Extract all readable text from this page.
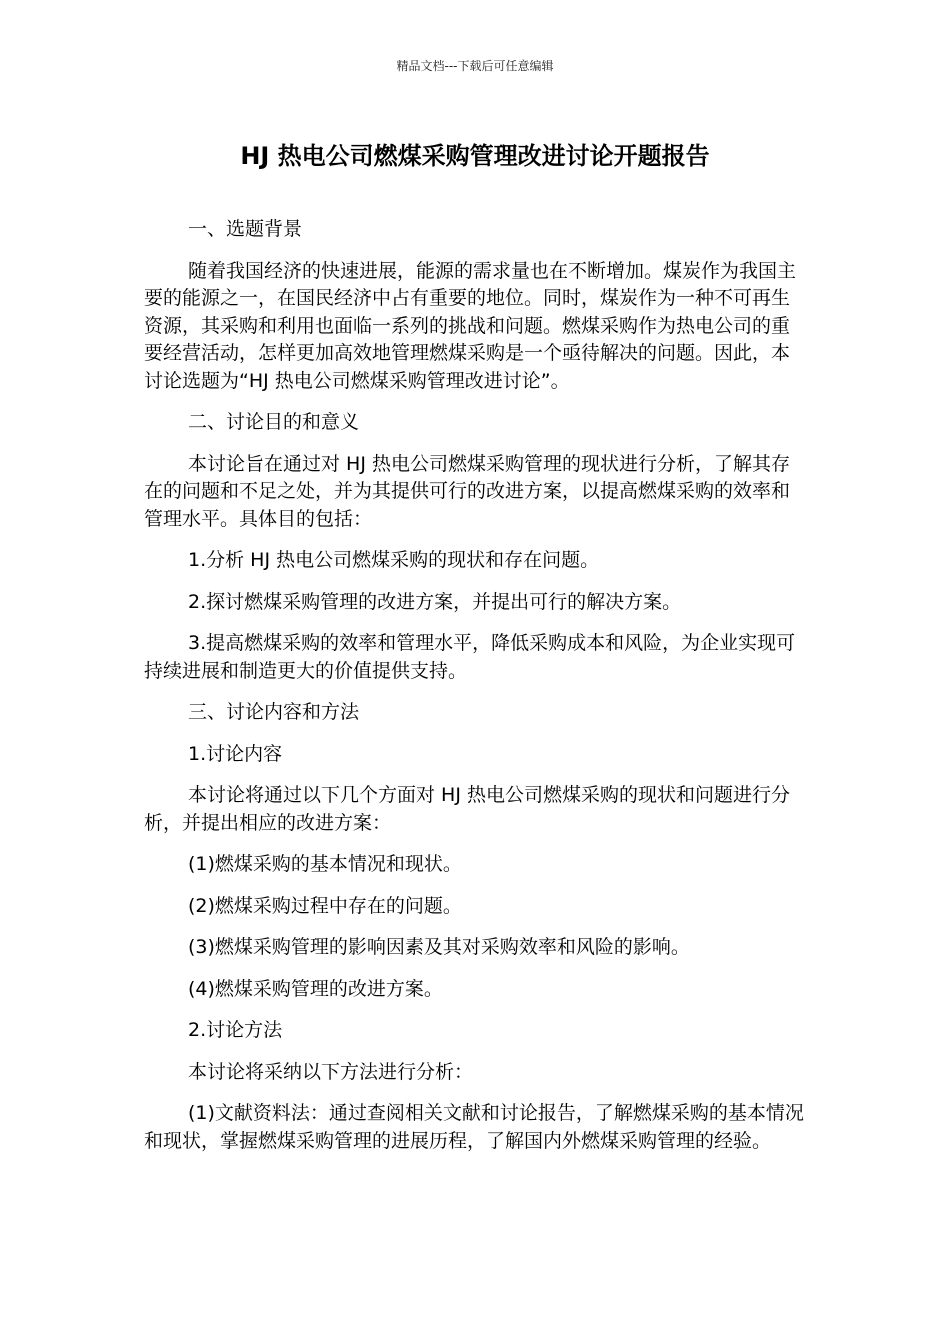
精品文档---下载后可任意编辑
HJ 热电公司燃煤采购管理改进讨论开题报告

一、选题背景

随着我国经济的快速进展，能源的需求量也在不断增加。煤炭作为我国主要的能源之一，在国民经济中占有重要的地位。同时，煤炭作为一种不可再生资源，其采购和利用也面临一系列的挑战和问题。燃煤采购作为热电公司的重要经营活动，怎样更加高效地管理燃煤采购是一个亟待解决的问题。因此，本讨论选题为“HJ 热电公司燃煤采购管理改进讨论”。

二、讨论目的和意义

本讨论旨在通过对 HJ 热电公司燃煤采购管理的现状进行分析，了解其存在的问题和不足之处，并为其提供可行的改进方案，以提高燃煤采购的效率和管理水平。具体目的包括：

1.分析 HJ 热电公司燃煤采购的现状和存在问题。

2.探讨燃煤采购管理的改进方案，并提出可行的解决方案。

3.提高燃煤采购的效率和管理水平，降低采购成本和风险，为企业实现可持续进展和制造更大的价值提供支持。

三、讨论内容和方法

1.讨论内容

本讨论将通过以下几个方面对 HJ 热电公司燃煤采购的现状和问题进行分析，并提出相应的改进方案：

(1)燃煤采购的基本情况和现状。

(2)燃煤采购过程中存在的问题。

(3)燃煤采购管理的影响因素及其对采购效率和风险的影响。

(4)燃煤采购管理的改进方案。

2.讨论方法

本讨论将采纳以下方法进行分析：

(1)文献资料法：通过查阅相关文献和讨论报告，了解燃煤采购的基本情况和现状，掌握燃煤采购管理的进展历程，了解国内外燃煤采购管理的经验。
